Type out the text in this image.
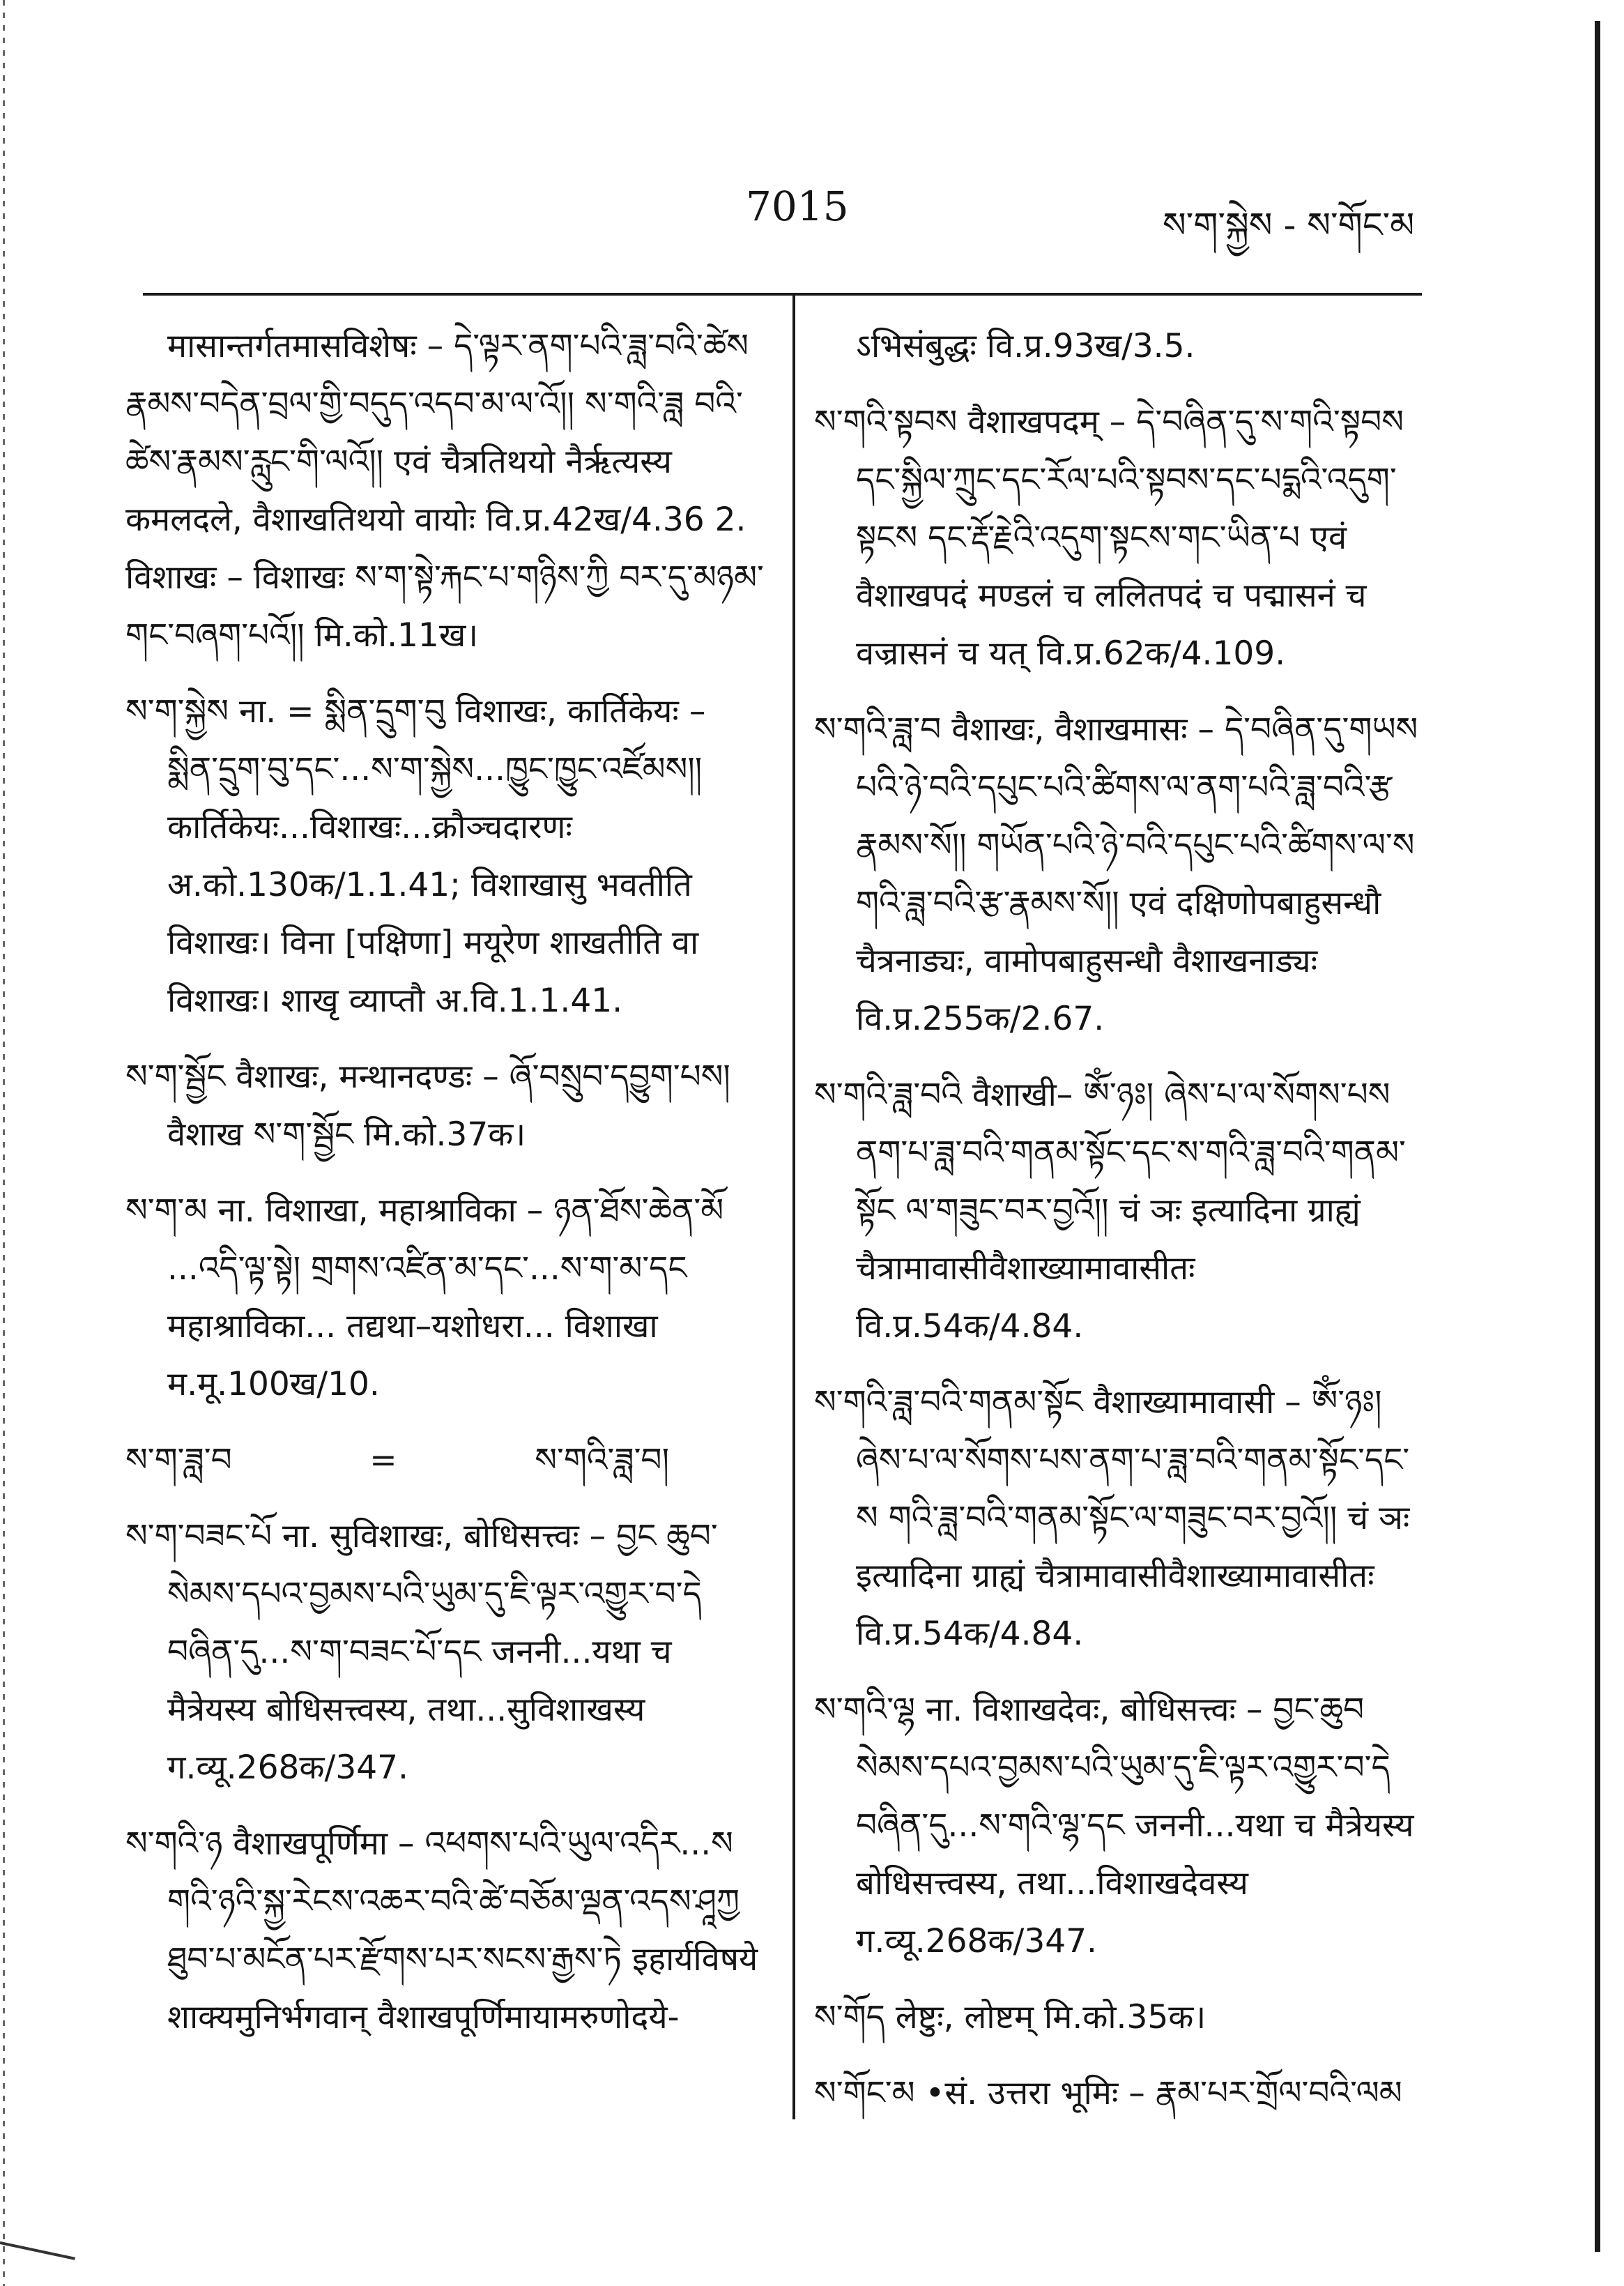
7015	ས་ག་སྐྱེས - ས་གོང་མ
मासान्तर्गतमासविशेषः – དེ་ལྟར་ནག་པའི་ཟླ་བའི་ཚེས རྣམས་བདེན་བྲལ་གྱི་བདུད་འདབ་མ་ལ་འོ།། ས་གའི་ཟླ བའི་ཚེས་རྣམས་རླུང་གི་ལའོ།། एवं चैत्रतिथयो नैर्ऋत्यस्य कमलदले, वैशाखतिथयो वायोः वि.प्र.42ख/4.36 2. विशाखः – विशाखः ས་ག་སྟེ་རྐང་པ་གཉིས་ཀྱི བར་དུ་མཉམ་གང་བཞག་པའོ།། मि.को.11ख।
ས་ག་སྐྱེས ना. = སྨིན་དྲུག་བུ विशाखः, कार्तिकेयः – སྨིན་དྲུག་བུ་དང་...ས་ག་སྐྱེས...ཁྱུང་ཁྱུང་འཛོམས།། कार्तिकेयः...विशाखः...क्रौञ्चदारणः अ.को.130क/1.1.41; विशाखासु भवतीति विशाखः। विना [पक्षिणा] मयूरेण शाखतीति वा विशाखः। शाखृ व्याप्तौ अ.वि.1.1.41.
ས་ག་སྦྱོང वैशाखः, मन्थानदण्डः – ཞོ་བསྲུབ་དབྱུག་པས། वैशाख ས་ག་སྦྱོང मि.को.37क।
ས་ག་མ ना. विशाखा, महाश्राविका – ཉན་ཐོས་ཆེན་མོ ...འདི་ལྟ་སྟེ། གྲགས་འཛིན་མ་དང་...ས་ག་མ་དང महाश्राविका... तद्यथा–यशोधरा... विशाखा म.मू.100ख/10.
ས་ག་ཟླ་བ	=	ས་གའི་ཟླ་བ།
ས་ག་བཟང་པོ ना. सुविशाखः, बोधिसत्त्वः – བྱང ཆུབ་སེམས་དཔའ་བྱམས་པའི་ཡུམ་དུ་ཇི་ལྟར་འགྱུར་བ་དེ བཞིན་དུ...ས་ག་བཟང་པོ་དང जननी...यथा च मैत्रेयस्य बोधिसत्त्वस्य, तथा...सुविशाखस्य ग.व्यू.268क/347.
ས་གའི་ཉ वैशाखपूर्णिमा – འཕགས་པའི་ཡུལ་འདིར...ས གའི་ཉའི་སྐྱ་རེངས་འཆར་བའི་ཚེ་བཅོམ་ལྡན་འདས་ཤཱཀྱ ཐུབ་པ་མངོན་པར་རྫོགས་པར་སངས་རྒྱས་ཏེ इहार्यविषये शाक्यमुनिर्भगवान् वैशाखपूर्णिमायामरुणोदये-
ऽभिसंबुद्धः वि.प्र.93ख/3.5.
ས་གའི་སྟབས वैशाखपदम् – དེ་བཞིན་དུ་ས་གའི་སྟབས དང་སྐྱིལ་ཀྲུང་དང་རོལ་པའི་སྟབས་དང་པདྨའི་འདུག་སྟངས དང་རྡོ་རྗེའི་འདུག་སྟངས་གང་ཡིན་པ एवं वैशाखपदं मण्डलं च ललितपदं च पद्मासनं च वज्रासनं च यत् वि.प्र.62क/4.109.
ས་གའི་ཟླ་བ वैशाखः, वैशाखमासः – དེ་བཞིན་དུ་གཡས པའི་ཉེ་བའི་དཔུང་པའི་ཚིགས་ལ་ནག་པའི་ཟླ་བའི་རྩ རྣམས་སོ།། གཡོན་པའི་ཉེ་བའི་དཔུང་པའི་ཚིགས་ལ་ས གའི་ཟླ་བའི་རྩ་རྣམས་སོ།། एवं दक्षिणोपबाहुसन्धौ चैत्रनाड्यः, वामोपबाहुसन्धौ वैशाखनाड्यः वि.प्र.255क/2.67.
ས་གའི་ཟླ་བའི वैशाखी– ཨོཾ་ཉཿ། ཞེས་པ་ལ་སོགས་པས ནག་པ་ཟླ་བའི་གནམ་སྟོང་དང་ས་གའི་ཟླ་བའི་གནམ་སྟོང ལ་གཟུང་བར་བྱའོ།། चं ञः इत्यादिना ग्राह्यं चैत्रामावासीवैशाख्यामावासीतः वि.प्र.54क/4.84.
ས་གའི་ཟླ་བའི་གནམ་སྟོང वैशाख्यामावासी – ཨོཾ་ཉཿ། ཞེས་པ་ལ་སོགས་པས་ནག་པ་ཟླ་བའི་གནམ་སྟོང་དང་ས གའི་ཟླ་བའི་གནམ་སྟོང་ལ་གཟུང་བར་བྱའོ།། चं ञः इत्यादिना ग्राह्यं चैत्रामावासीवैशाख्यामावासीतः वि.प्र.54क/4.84.
ས་གའི་ལྷ ना. विशाखदेवः, बोधिसत्त्वः – བྱང་ཆུབ སེམས་དཔའ་བྱམས་པའི་ཡུམ་དུ་ཇི་ལྟར་འགྱུར་བ་དེ བཞིན་དུ...ས་གའི་ལྷ་དང जननी...यथा च मैत्रेयस्य बोधिसत्त्वस्य, तथा...विशाखदेवस्य ग.व्यू.268क/347.
ས་གོད लेष्टुः, लोष्टम् मि.को.35क।
ས་གོང་མ •सं. उत्तरा भूमिः – རྣམ་པར་གྲོལ་བའི་ལམ
